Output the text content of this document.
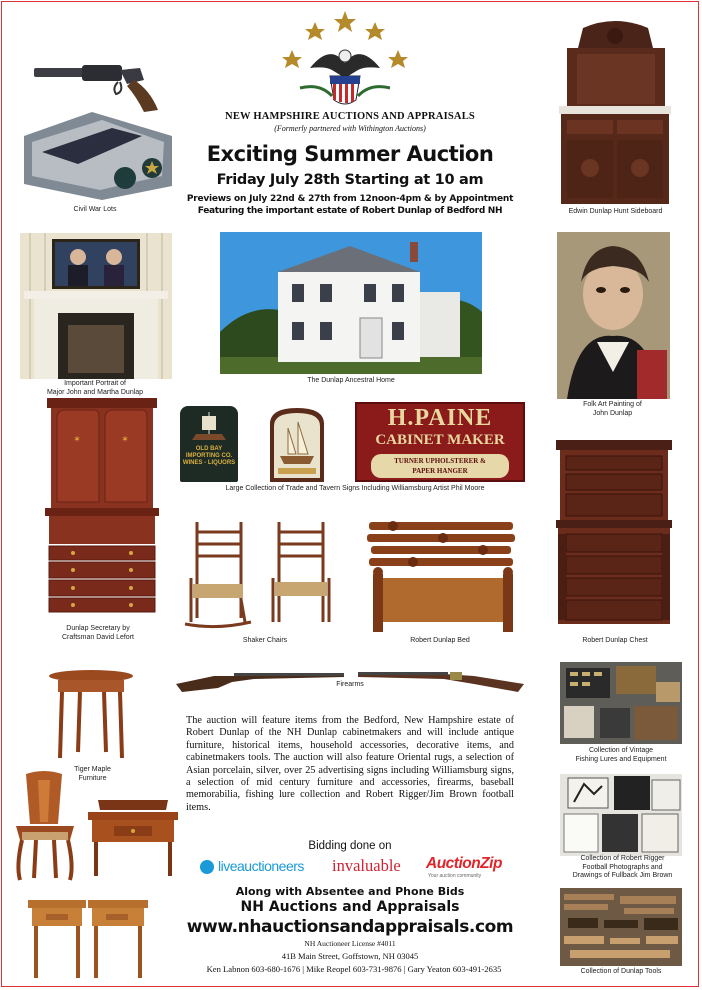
NEW HAMPSHIRE AUCTIONS AND APPRAISALS
(Formerly partnered with Withington Auctions)
Exciting Summer Auction
Friday July 28th Starting at 10 am
Previews on July 22nd & 27th from 12noon-4pm & by Appointment
Featuring the important estate of Robert Dunlap of Bedford NH
Civil War Lots	Edwin Dunlap Hunt Sideboard
Important Portrait of
Major John and Martha Dunlap
The Dunlap Ancestral Home
Folk Art Painting of
John Dunlap
✶	✶
Dunlap Secretary by
Craftsman David Lefort
OLD BAY
IMPORTING CO.
WINES - LIQUORS
H.PAINE
CABINET MAKER
TURNER UPHOLSTERER &
PAPER HANGER
Large Collection of Trade and Tavern Signs Including Williamsburg Artist Phil Moore
Robert Dunlap Chest
Shaker Chairs	Robert Dunlap Bed
Firearms
Tiger Maple
Furniture
The auction will feature items from the Bedford, New Hampshire estate of Robert Dunlap of the NH Dunlap cabinetmakers and will include antique furniture, historical items, household accessories, decorative items, and cabinetmakers tools. The auction will also feature Oriental rugs, a selection of Asian porcelain, silver, over 25 advertising signs including Williamsburg signs, a selection of mid century furniture and accessories, firearms, baseball memorabilia, fishing lure collection and Robert Rigger/Jim Brown football items.
Bidding done on
liveauctioneers invaluable AuctionZip
Your auction community
Along with Absentee and Phone Bids
NH Auctions and Appraisals
www.nhauctionsandappraisals.com
NH Auctioneer License #4011
41B Main Street, Goffstown, NH 03045
Ken Labnon 603-680-1676 | Mike Reopel 603-731-9876 | Gary Yeaton 603-491-2635
Collection of Vintage
Fishing Lures and Equipment
Collection of Robert Rigger
Football Photographs and
Drawings of Fullback Jim Brown
Collection of Dunlap Tools
